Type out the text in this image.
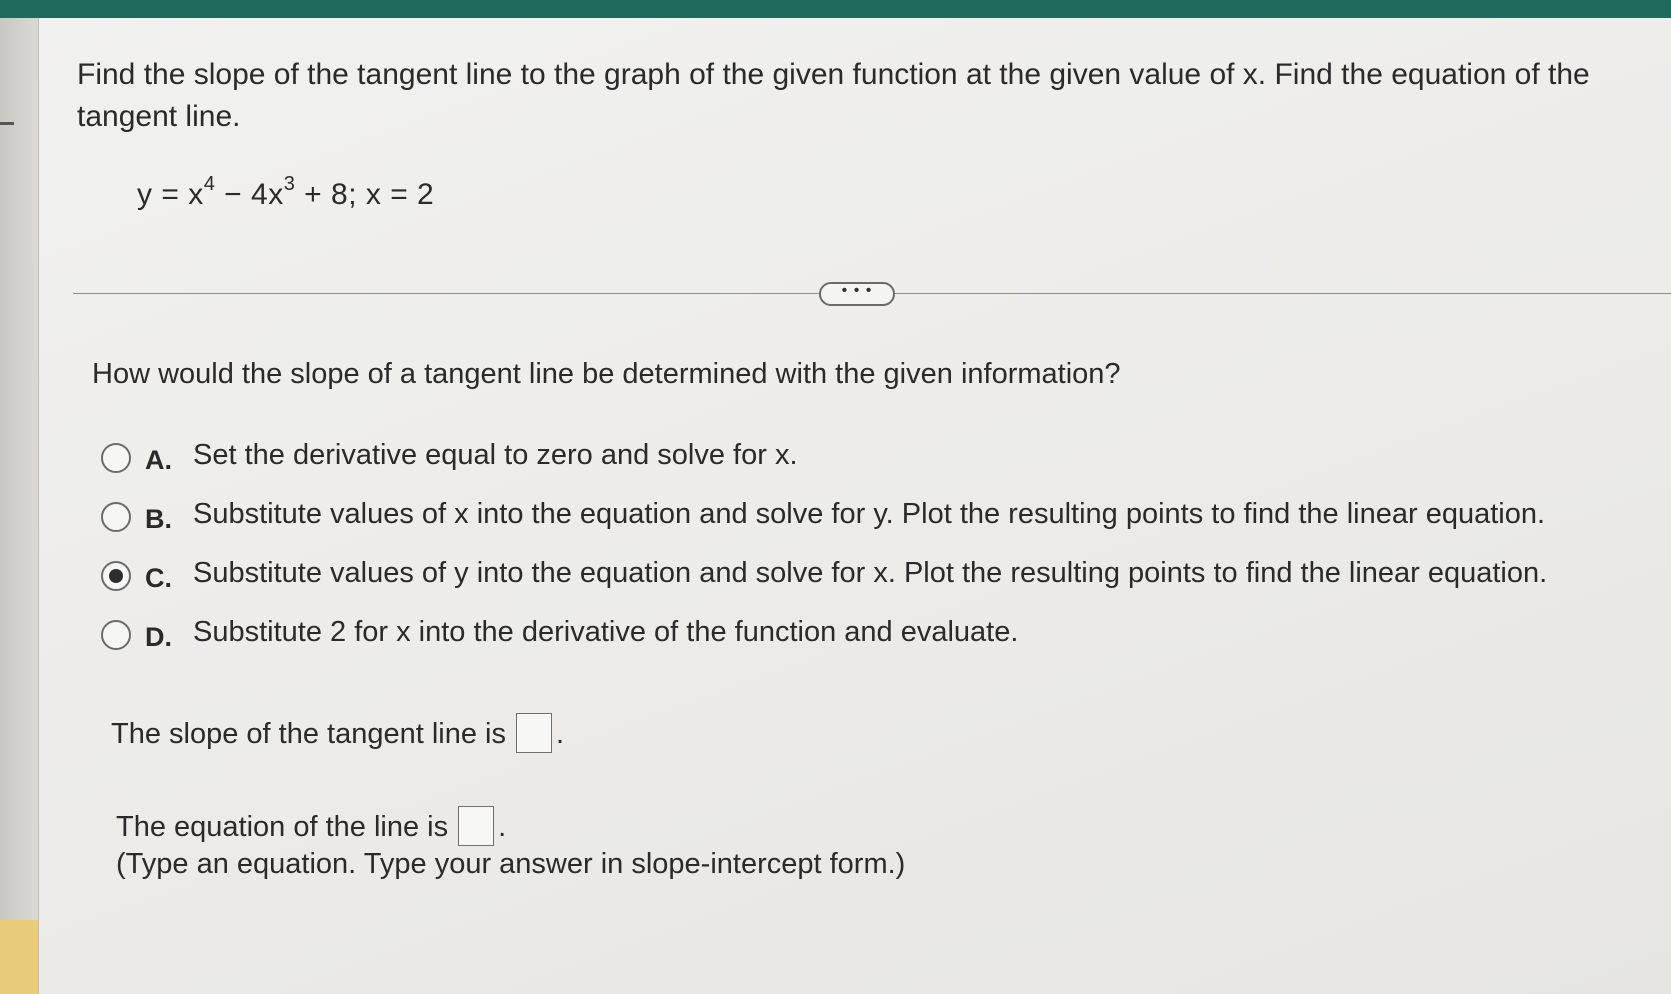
Find the slope of the tangent line to the graph of the given function at the given value of x. Find the equation of the tangent line.
$y = x^4 - 4x^3 + 8$; x = 2
• • •
How would the slope of a tangent line be determined with the given information?
A. Set the derivative equal to zero and solve for x.
B. Substitute values of x into the equation and solve for y. Plot the resulting points to find the linear equation.
C. Substitute values of y into the equation and solve for x. Plot the resulting points to find the linear equation.
D. Substitute 2 for x into the derivative of the function and evaluate.
The slope of the tangent line is .
The equation of the line is .
(Type an equation. Type your answer in slope-intercept form.)
